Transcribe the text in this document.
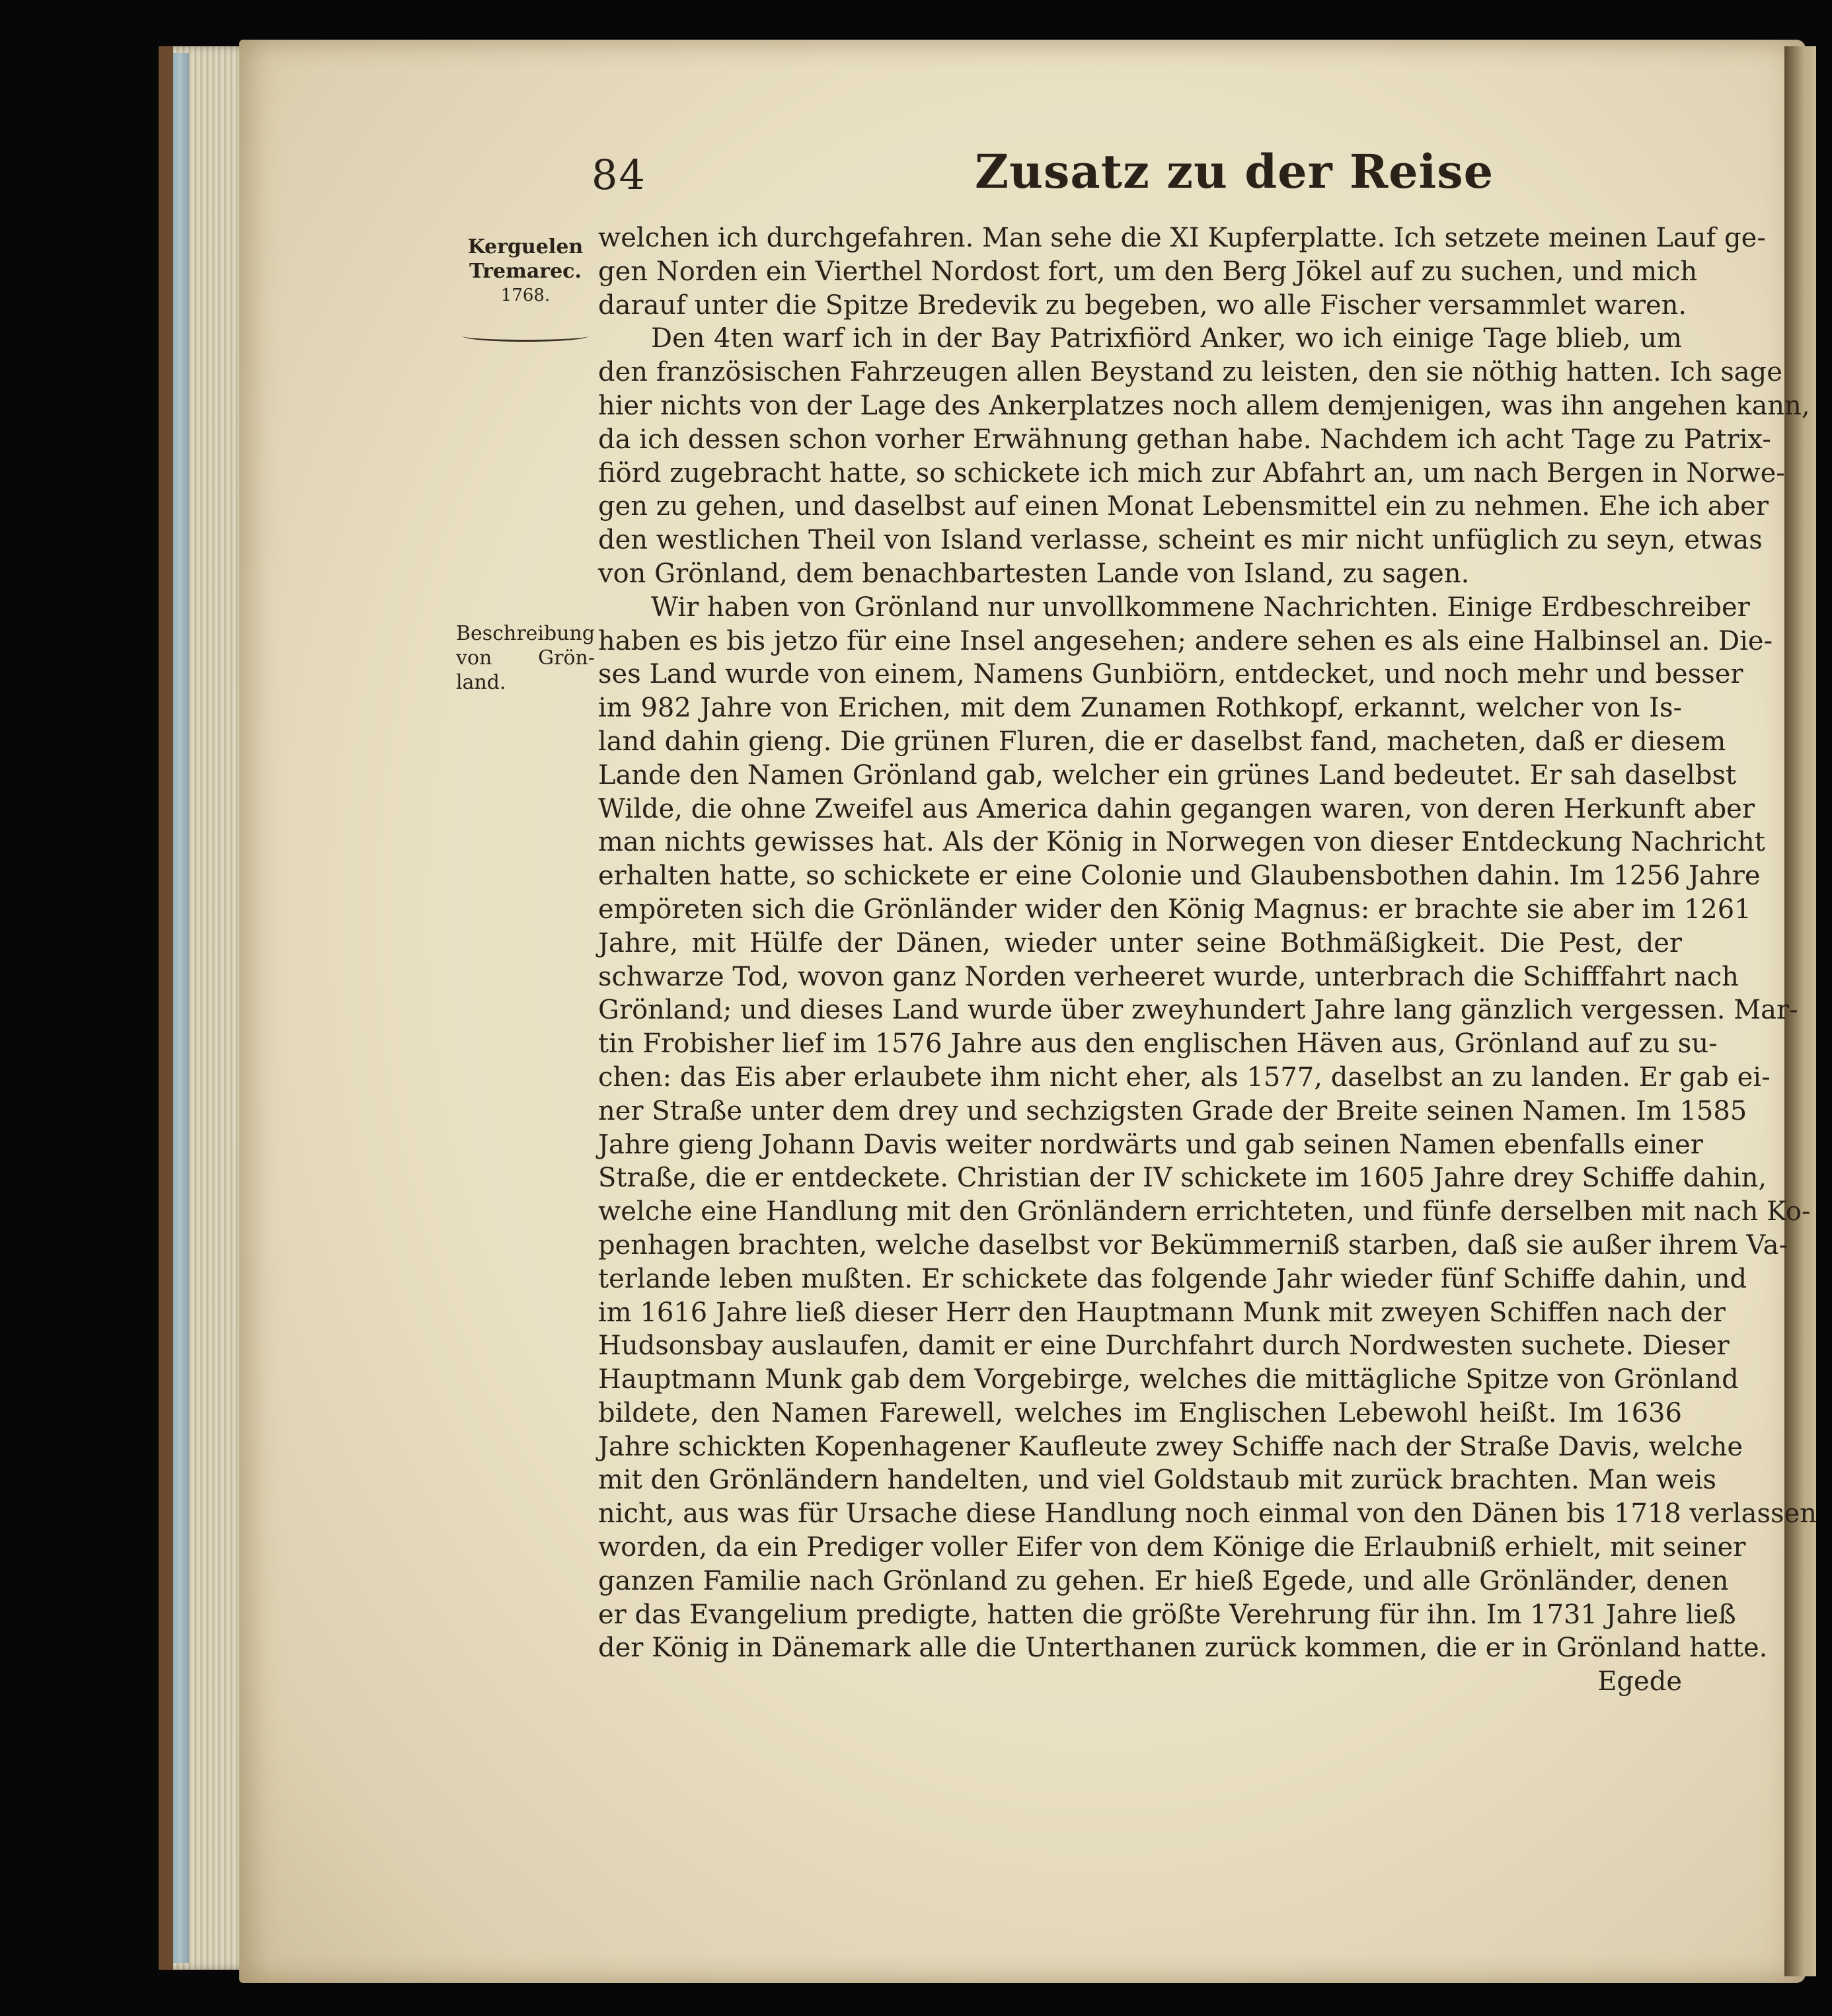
84	Zusatz zu der Reise
Kerguelen
Tremarec.
1768.
Beschreibung
von Grön-
land.
welchen ich durchgefahren. Man sehe die XI Kupferplatte. Ich setzete meinen Lauf ge-
gen Norden ein Vierthel Nordost fort, um den Berg Jökel auf zu suchen, und mich
darauf unter die Spitze Bredevik zu begeben, wo alle Fischer versammlet waren.
Den 4ten warf ich in der Bay Patrixfiörd Anker, wo ich einige Tage blieb, um
den französischen Fahrzeugen allen Beystand zu leisten, den sie nöthig hatten. Ich sage
hier nichts von der Lage des Ankerplatzes noch allem demjenigen, was ihn angehen kann,
da ich dessen schon vorher Erwähnung gethan habe. Nachdem ich acht Tage zu Patrix-
fiörd zugebracht hatte, so schickete ich mich zur Abfahrt an, um nach Bergen in Norwe-
gen zu gehen, und daselbst auf einen Monat Lebensmittel ein zu nehmen. Ehe ich aber
den westlichen Theil von Island verlasse, scheint es mir nicht unfüglich zu seyn, etwas
von Grönland, dem benachbartesten Lande von Island, zu sagen.
Wir haben von Grönland nur unvollkommene Nachrichten. Einige Erdbeschreiber
haben es bis jetzo für eine Insel angesehen; andere sehen es als eine Halbinsel an. Die-
ses Land wurde von einem, Namens Gunbiörn, entdecket, und noch mehr und besser
im 982 Jahre von Erichen, mit dem Zunamen Rothkopf, erkannt, welcher von Is-
land dahin gieng. Die grünen Fluren, die er daselbst fand, macheten, daß er diesem
Lande den Namen Grönland gab, welcher ein grünes Land bedeutet. Er sah daselbst
Wilde, die ohne Zweifel aus America dahin gegangen waren, von deren Herkunft aber
man nichts gewisses hat. Als der König in Norwegen von dieser Entdeckung Nachricht
erhalten hatte, so schickete er eine Colonie und Glaubensbothen dahin. Im 1256 Jahre
empöreten sich die Grönländer wider den König Magnus: er brachte sie aber im 1261
Jahre, mit Hülfe der Dänen, wieder unter seine Bothmäßigkeit. Die Pest, der
schwarze Tod, wovon ganz Norden verheeret wurde, unterbrach die Schifffahrt nach
Grönland; und dieses Land wurde über zweyhundert Jahre lang gänzlich vergessen. Mar-
tin Frobisher lief im 1576 Jahre aus den englischen Häven aus, Grönland auf zu su-
chen: das Eis aber erlaubete ihm nicht eher, als 1577, daselbst an zu landen. Er gab ei-
ner Straße unter dem drey und sechzigsten Grade der Breite seinen Namen. Im 1585
Jahre gieng Johann Davis weiter nordwärts und gab seinen Namen ebenfalls einer
Straße, die er entdeckete. Christian der IV schickete im 1605 Jahre drey Schiffe dahin,
welche eine Handlung mit den Grönländern errichteten, und fünfe derselben mit nach Ko-
penhagen brachten, welche daselbst vor Bekümmerniß starben, daß sie außer ihrem Va-
terlande leben mußten. Er schickete das folgende Jahr wieder fünf Schiffe dahin, und
im 1616 Jahre ließ dieser Herr den Hauptmann Munk mit zweyen Schiffen nach der
Hudsonsbay auslaufen, damit er eine Durchfahrt durch Nordwesten suchete. Dieser
Hauptmann Munk gab dem Vorgebirge, welches die mittägliche Spitze von Grönland
bildete, den Namen Farewell, welches im Englischen Lebewohl heißt. Im 1636
Jahre schickten Kopenhagener Kaufleute zwey Schiffe nach der Straße Davis, welche
mit den Grönländern handelten, und viel Goldstaub mit zurück brachten. Man weis
nicht, aus was für Ursache diese Handlung noch einmal von den Dänen bis 1718 verlassen
worden, da ein Prediger voller Eifer von dem Könige die Erlaubniß erhielt, mit seiner
ganzen Familie nach Grönland zu gehen. Er hieß Egede, und alle Grönländer, denen
er das Evangelium predigte, hatten die größte Verehrung für ihn. Im 1731 Jahre ließ
der König in Dänemark alle die Unterthanen zurück kommen, die er in Grönland hatte.
Egede
